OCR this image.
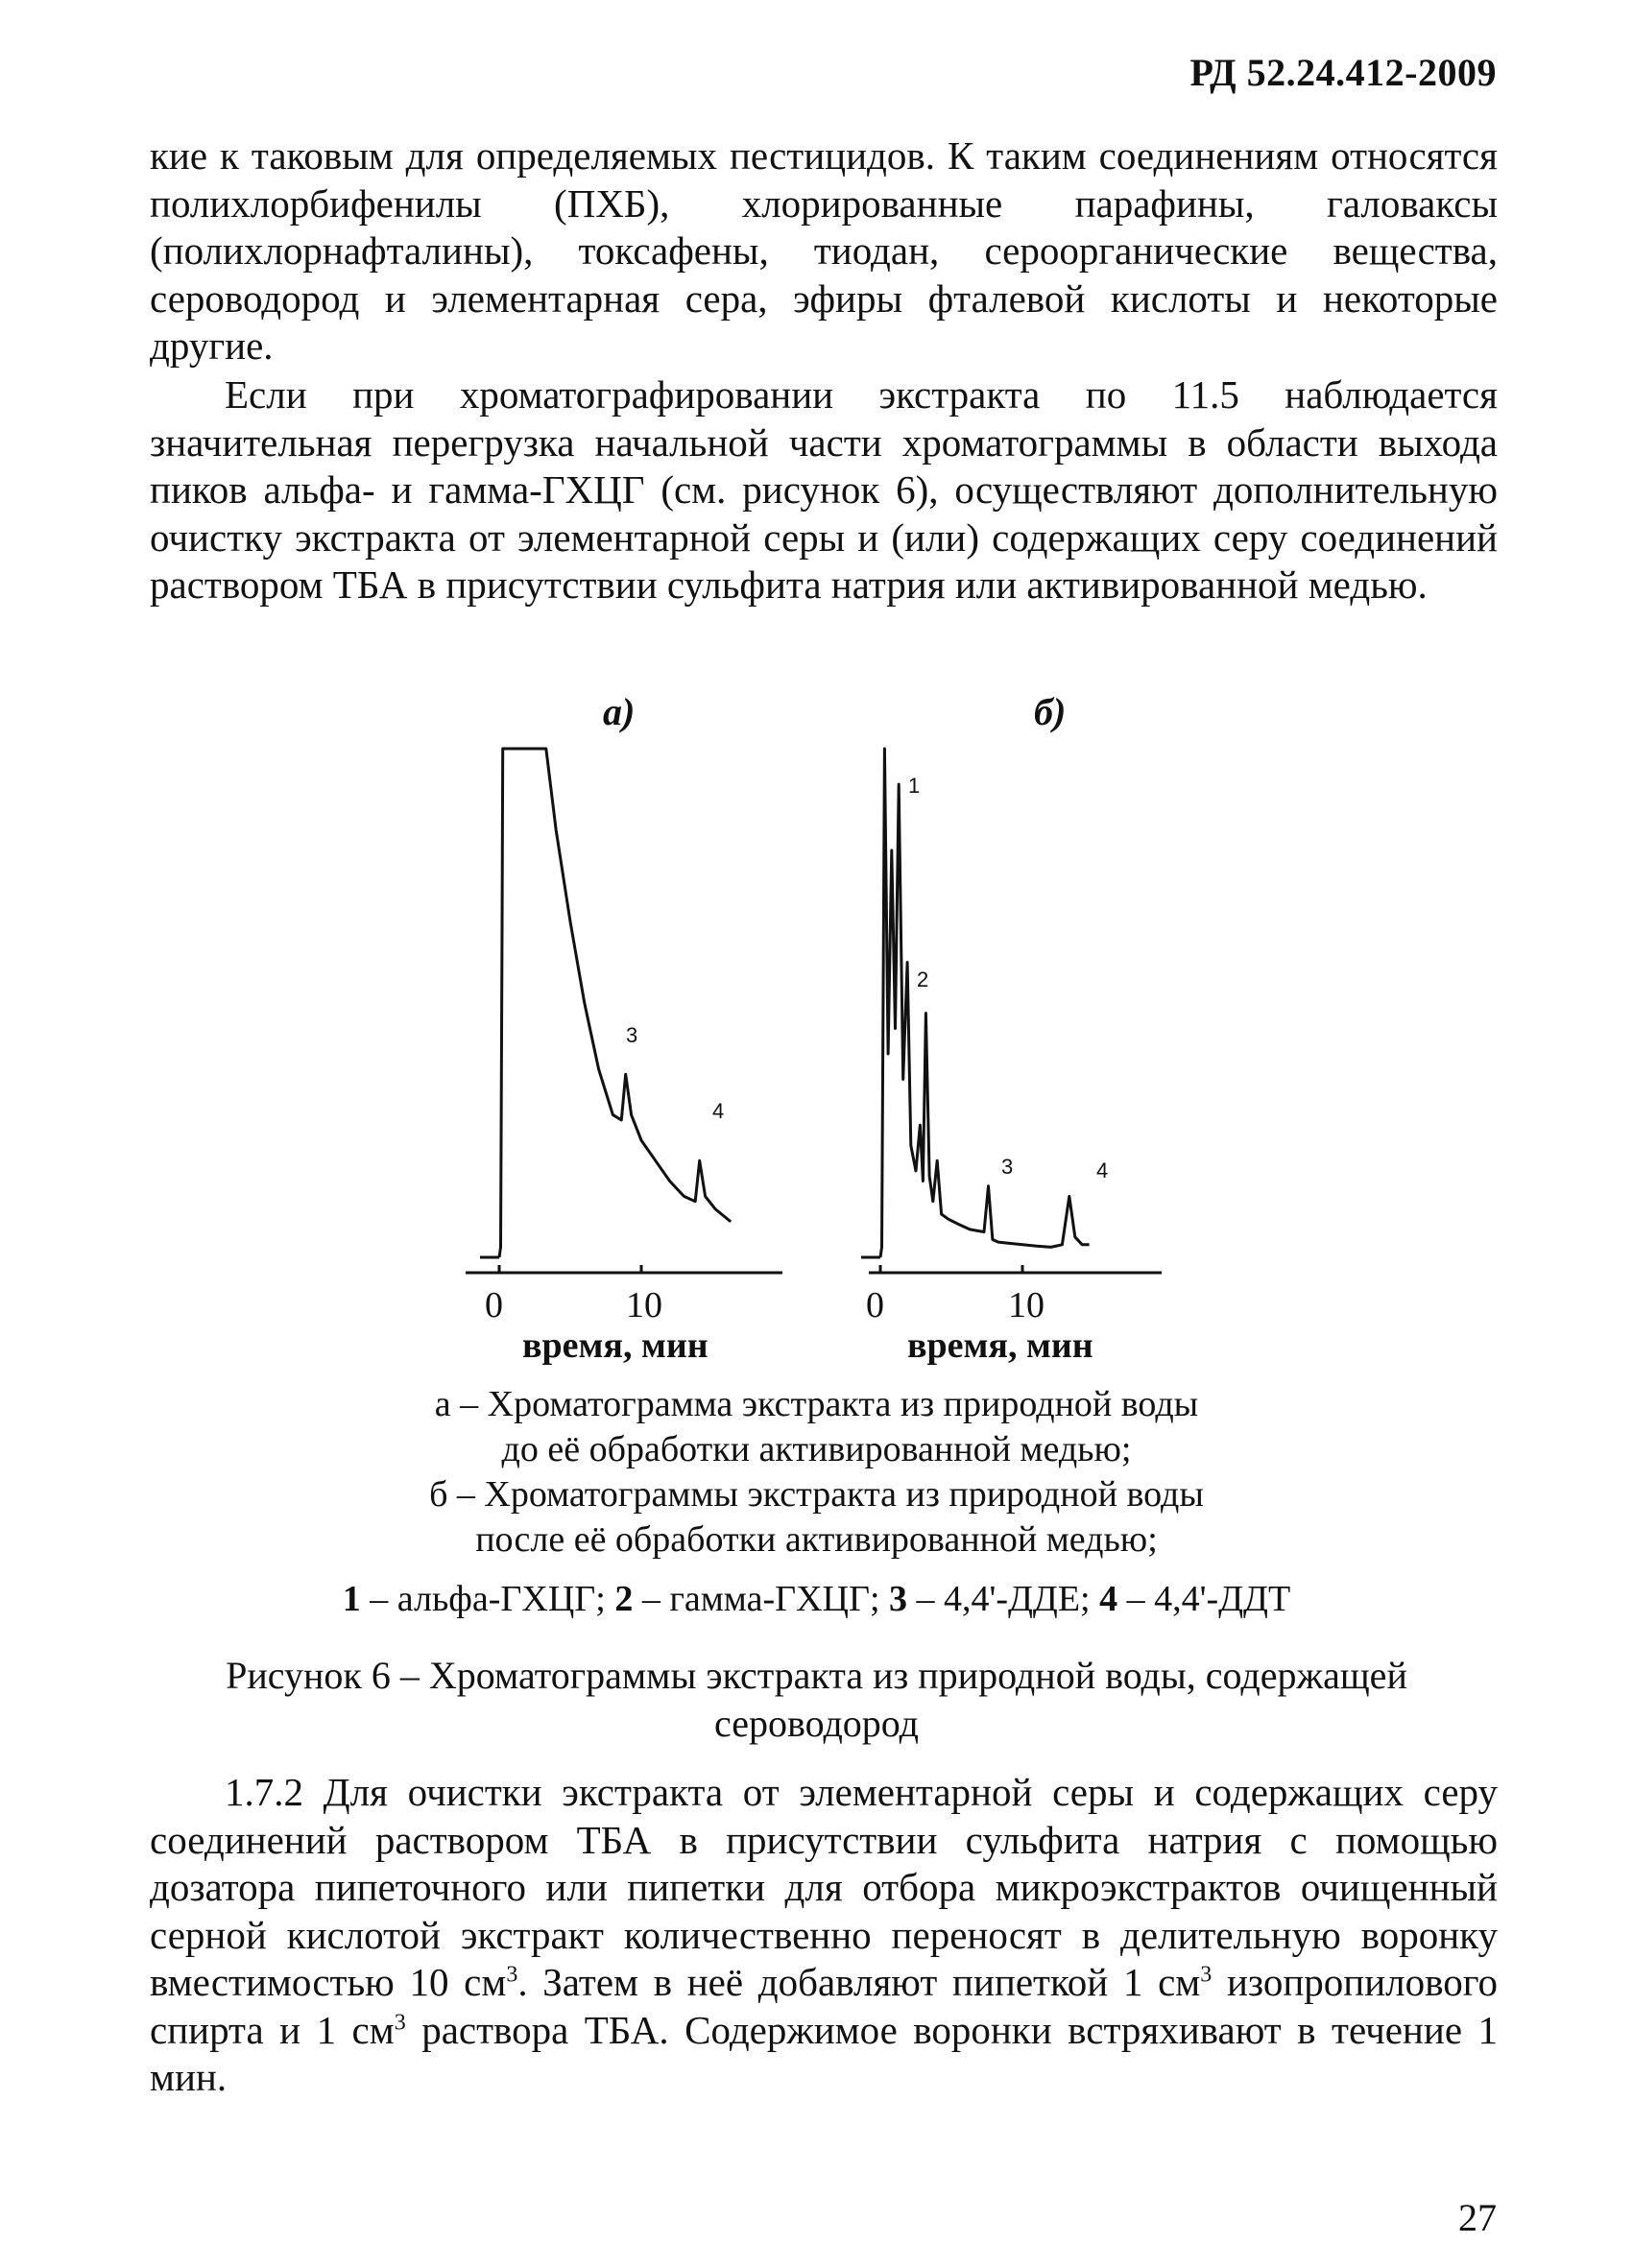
РД 52.24.412-2009

кие к таковым для определяемых пестицидов. К таким соединениям относятся полихлорбифенилы (ПХБ), хлорированные парафины, галоваксы (полихлорнафталины), токсафены, тиодан, сероорганические вещества, сероводород и элементарная сера, эфиры фталевой кислоты и некоторые другие.

Если при хроматографировании экстракта по 11.5 наблюдается значительная перегрузка начальной части хроматограммы в области выхода пиков альфа- и гамма-ГХЦГ (см. рисунок 6), осуществляют дополнительную очистку экстракта от элементарной серы и (или) содержащих серу соединений раствором ТБА в присутствии сульфита натрия или активированной медью.

а)	б)
0	10	0	10
время, мин	время, мин
3
4
1
2
3	4
а – Хроматограмма экстракта из природной воды
до её обработки активированной медью;
б – Хроматограммы экстракта из природной воды
после её обработки активированной медью;
1 – альфа-ГХЦГ; 2 – гамма-ГХЦГ; 3 – 4,4'-ДДЕ; 4 – 4,4'-ДДТ
Рисунок 6 – Хроматограммы экстракта из природной воды, содержащей
сероводород

1.7.2 Для очистки экстракта от элементарной серы и содержащих серу соединений раствором ТБА в присутствии сульфита натрия с помощью дозатора пипеточного или пипетки для отбора микроэкстрактов очищенный серной кислотой экстракт количественно переносят в делительную воронку вместимостью 10 $см^3$. Затем в неё добавляют пипеткой 1 $см^3$ изопропилового спирта и 1 $см^3$ раствора ТБА. Содержимое воронки встряхивают в течение 1 мин.

27
